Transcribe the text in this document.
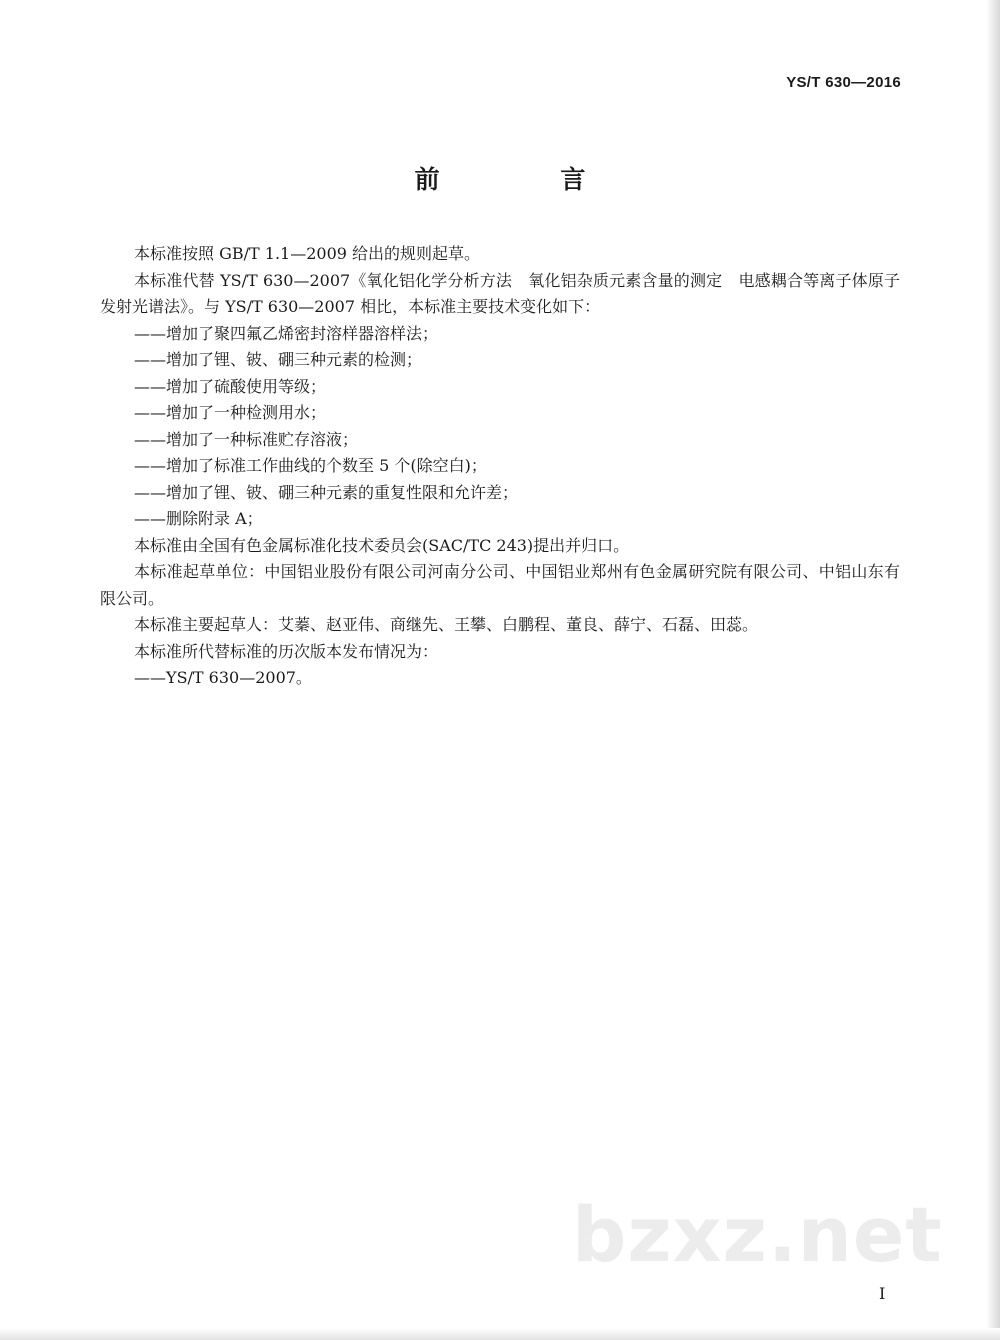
YS/T 630—2016
前 言

本标准按照 GB/T 1.1—2009 给出的规则起草。

本标准代替 YS/T 630—2007《氧化铝化学分析方法　氧化铝杂质元素含量的测定　电感耦合等离子体原子发射光谱法》。与 YS/T 630—2007 相比，本标准主要技术变化如下：

——增加了聚四氟乙烯密封溶样器溶样法；

——增加了锂、铍、硼三种元素的检测；

——增加了硫酸使用等级；

——增加了一种检测用水；

——增加了一种标准贮存溶液；

——增加了标准工作曲线的个数至 5 个(除空白)；

——增加了锂、铍、硼三种元素的重复性限和允许差；

——删除附录 A；

本标准由全国有色金属标准化技术委员会(SAC/TC 243)提出并归口。

本标准起草单位：中国铝业股份有限公司河南分公司、中国铝业郑州有色金属研究院有限公司、中铝山东有限公司。

本标准主要起草人：艾蓁、赵亚伟、商继先、王攀、白鹏程、董良、薛宁、石磊、田蕊。

本标准所代替标准的历次版本发布情况为：

——YS/T 630—2007。

bzxz.net
I
